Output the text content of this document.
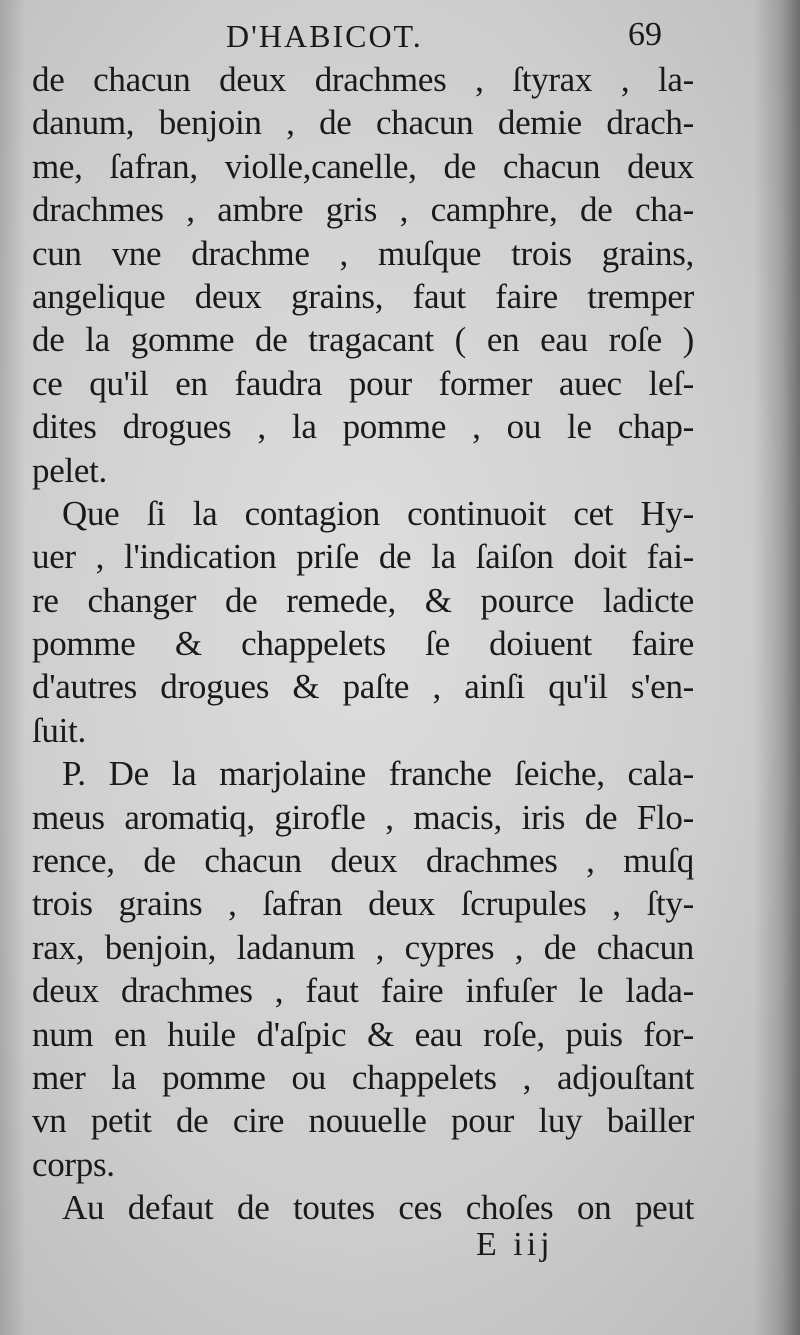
D'HABICOT.	69
de chacun deux drachmes , ſtyrax , la-
danum, benjoin , de chacun demie drach-
me, ſafran, violle,canelle, de chacun deux
drachmes , ambre gris , camphre, de cha-
cun vne drachme , muſque trois grains,
angelique deux grains, faut faire tremper
de la gomme de tragacant ( en eau roſe )
ce qu'il en faudra pour former auec leſ-
dites drogues , la pomme , ou le chap-
pelet.
Que ſi la contagion continuoit cet Hy-
uer , l'indication priſe de la ſaiſon doit fai-
re changer de remede, & pource ladicte
pomme & chappelets ſe doiuent faire
d'autres drogues & paſte , ainſi qu'il s'en-
ſuit.
P. De la marjolaine franche ſeiche, cala-
meus aromatiq, girofle , macis, iris de Flo-
rence, de chacun deux drachmes , muſq
trois grains , ſafran deux ſcrupules , ſty-
rax, benjoin, ladanum , cypres , de chacun
deux drachmes , faut faire infuſer le lada-
num en huile d'aſpic & eau roſe, puis for-
mer la pomme ou chappelets , adjouſtant
vn petit de cire nouuelle pour luy bailler
corps.
Au defaut de toutes ces choſes on peut
E iij
